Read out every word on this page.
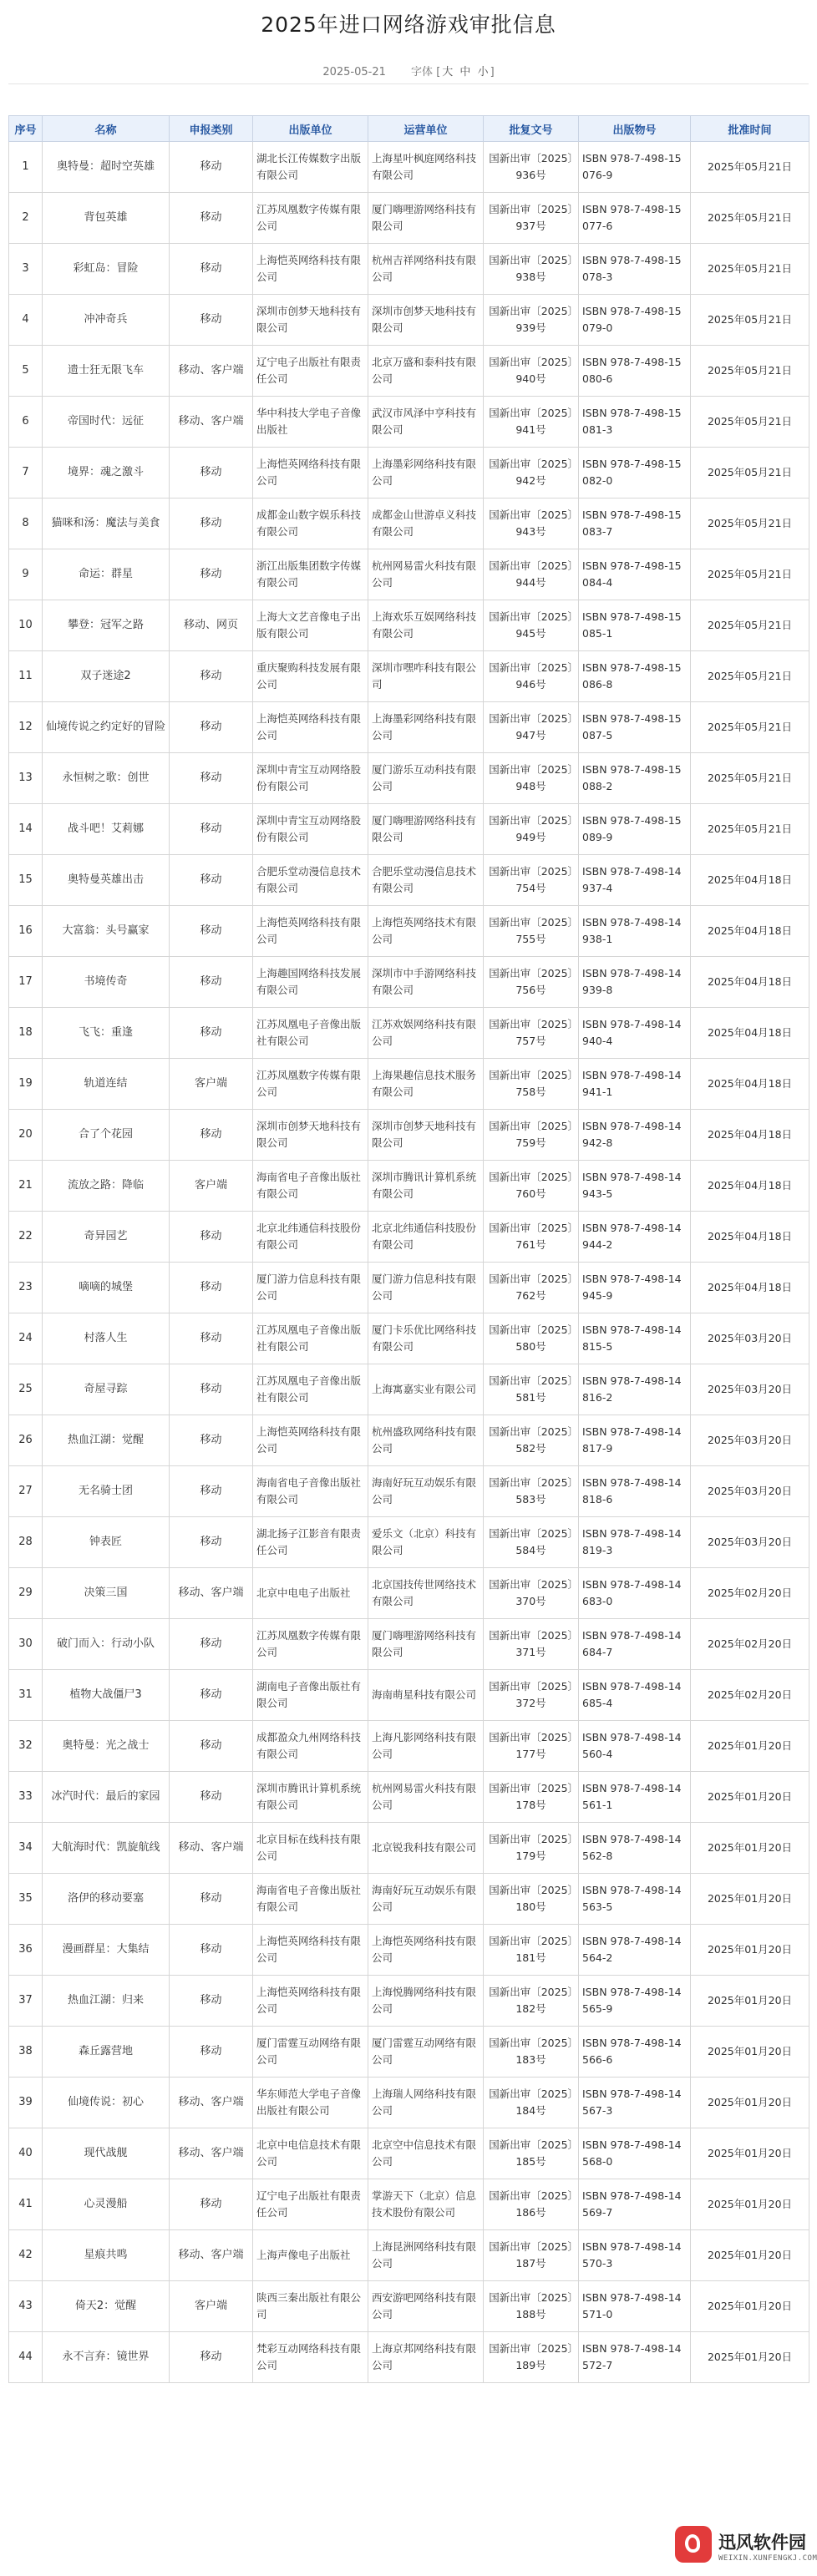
2025年进口网络游戏审批信息
2025-05-21 字体 [ 大 中 小 ]
序号	名称	申报类别	出版单位	运营单位	批复文号	出版物号	批准时间
1	奥特曼：超时空英雄	移动	湖北长江传媒数字出版有限公司	上海星叶枫庭网络科技有限公司	国新出审〔2025〕936号	ISBN 978-7-498-15076-9	2025年05月21日
2	背包英雄	移动	江苏凤凰数字传媒有限公司	厦门嗨哩游网络科技有限公司	国新出审〔2025〕937号	ISBN 978-7-498-15077-6	2025年05月21日
3	彩虹岛：冒险	移动	上海恺英网络科技有限公司	杭州吉祥网络科技有限公司	国新出审〔2025〕938号	ISBN 978-7-498-15078-3	2025年05月21日
4	冲冲奇兵	移动	深圳市创梦天地科技有限公司	深圳市创梦天地科技有限公司	国新出审〔2025〕939号	ISBN 978-7-498-15079-0	2025年05月21日
5	遗士狂无限飞车	移动、客户端	辽宁电子出版社有限责任公司	北京万盛和泰科技有限公司	国新出审〔2025〕940号	ISBN 978-7-498-15080-6	2025年05月21日
6	帝国时代：远征	移动、客户端	华中科技大学电子音像出版社	武汉市风泽中亨科技有限公司	国新出审〔2025〕941号	ISBN 978-7-498-15081-3	2025年05月21日
7	境界：魂之激斗	移动	上海恺英网络科技有限公司	上海墨彩网络科技有限公司	国新出审〔2025〕942号	ISBN 978-7-498-15082-0	2025年05月21日
8	猫咪和汤：魔法与美食	移动	成都金山数字娱乐科技有限公司	成都金山世游卓义科技有限公司	国新出审〔2025〕943号	ISBN 978-7-498-15083-7	2025年05月21日
9	命运：群星	移动	浙江出版集团数字传媒有限公司	杭州网易雷火科技有限公司	国新出审〔2025〕944号	ISBN 978-7-498-15084-4	2025年05月21日
10	攀登：冠军之路	移动、网页	上海大文艺音像电子出版有限公司	上海欢乐互娱网络科技有限公司	国新出审〔2025〕945号	ISBN 978-7-498-15085-1	2025年05月21日
11	双子迷途2	移动	重庆聚购科技发展有限公司	深圳市嘿咋科技有限公司	国新出审〔2025〕946号	ISBN 978-7-498-15086-8	2025年05月21日
12	仙境传说之约定好的冒险	移动	上海恺英网络科技有限公司	上海墨彩网络科技有限公司	国新出审〔2025〕947号	ISBN 978-7-498-15087-5	2025年05月21日
13	永恒树之歌：创世	移动	深圳中青宝互动网络股份有限公司	厦门游乐互动科技有限公司	国新出审〔2025〕948号	ISBN 978-7-498-15088-2	2025年05月21日
14	战斗吧！艾莉娜	移动	深圳中青宝互动网络股份有限公司	厦门嗨哩游网络科技有限公司	国新出审〔2025〕949号	ISBN 978-7-498-15089-9	2025年05月21日
15	奥特曼英雄出击	移动	合肥乐堂动漫信息技术有限公司	合肥乐堂动漫信息技术有限公司	国新出审〔2025〕754号	ISBN 978-7-498-14937-4	2025年04月18日
16	大富翁：头号赢家	移动	上海恺英网络科技有限公司	上海恺英网络技术有限公司	国新出审〔2025〕755号	ISBN 978-7-498-14938-1	2025年04月18日
17	书境传奇	移动	上海趣国网络科技发展有限公司	深圳市中手游网络科技有限公司	国新出审〔2025〕756号	ISBN 978-7-498-14939-8	2025年04月18日
18	飞飞：重逢	移动	江苏凤凰电子音像出版社有限公司	江苏欢娱网络科技有限公司	国新出审〔2025〕757号	ISBN 978-7-498-14940-4	2025年04月18日
19	轨道连结	客户端	江苏凤凰数字传媒有限公司	上海果趣信息技术服务有限公司	国新出审〔2025〕758号	ISBN 978-7-498-14941-1	2025年04月18日
20	合了个花园	移动	深圳市创梦天地科技有限公司	深圳市创梦天地科技有限公司	国新出审〔2025〕759号	ISBN 978-7-498-14942-8	2025年04月18日
21	流放之路：降临	客户端	海南省电子音像出版社有限公司	深圳市腾讯计算机系统有限公司	国新出审〔2025〕760号	ISBN 978-7-498-14943-5	2025年04月18日
22	奇异园艺	移动	北京北纬通信科技股份有限公司	北京北纬通信科技股份有限公司	国新出审〔2025〕761号	ISBN 978-7-498-14944-2	2025年04月18日
23	嘀嘀的城堡	移动	厦门游力信息科技有限公司	厦门游力信息科技有限公司	国新出审〔2025〕762号	ISBN 978-7-498-14945-9	2025年04月18日
24	村落人生	移动	江苏凤凰电子音像出版社有限公司	厦门卡乐优比网络科技有限公司	国新出审〔2025〕580号	ISBN 978-7-498-14815-5	2025年03月20日
25	奇屋寻踪	移动	江苏凤凰电子音像出版社有限公司	上海寓嘉实业有限公司	国新出审〔2025〕581号	ISBN 978-7-498-14816-2	2025年03月20日
26	热血江湖：觉醒	移动	上海恺英网络科技有限公司	杭州盛玖网络科技有限公司	国新出审〔2025〕582号	ISBN 978-7-498-14817-9	2025年03月20日
27	无名骑士团	移动	海南省电子音像出版社有限公司	海南好玩互动娱乐有限公司	国新出审〔2025〕583号	ISBN 978-7-498-14818-6	2025年03月20日
28	钟表匠	移动	湖北扬子江影音有限责任公司	爱乐文（北京）科技有限公司	国新出审〔2025〕584号	ISBN 978-7-498-14819-3	2025年03月20日
29	决策三国	移动、客户端	北京中电电子出版社	北京国技传世网络技术有限公司	国新出审〔2025〕370号	ISBN 978-7-498-14683-0	2025年02月20日
30	破门而入：行动小队	移动	江苏凤凰数字传媒有限公司	厦门嗨哩游网络科技有限公司	国新出审〔2025〕371号	ISBN 978-7-498-14684-7	2025年02月20日
31	植物大战僵尸3	移动	湖南电子音像出版社有限公司	海南萌星科技有限公司	国新出审〔2025〕372号	ISBN 978-7-498-14685-4	2025年02月20日
32	奥特曼：光之战士	移动	成都盈众九州网络科技有限公司	上海凡影网络科技有限公司	国新出审〔2025〕177号	ISBN 978-7-498-14560-4	2025年01月20日
33	冰汽时代：最后的家园	移动	深圳市腾讯计算机系统有限公司	杭州网易雷火科技有限公司	国新出审〔2025〕178号	ISBN 978-7-498-14561-1	2025年01月20日
34	大航海时代：凯旋航线	移动、客户端	北京目标在线科技有限公司	北京锐我科技有限公司	国新出审〔2025〕179号	ISBN 978-7-498-14562-8	2025年01月20日
35	洛伊的移动要塞	移动	海南省电子音像出版社有限公司	海南好玩互动娱乐有限公司	国新出审〔2025〕180号	ISBN 978-7-498-14563-5	2025年01月20日
36	漫画群星：大集结	移动	上海恺英网络科技有限公司	上海恺英网络科技有限公司	国新出审〔2025〕181号	ISBN 978-7-498-14564-2	2025年01月20日
37	热血江湖：归来	移动	上海恺英网络科技有限公司	上海悦腾网络科技有限公司	国新出审〔2025〕182号	ISBN 978-7-498-14565-9	2025年01月20日
38	森丘露营地	移动	厦门雷霆互动网络有限公司	厦门雷霆互动网络有限公司	国新出审〔2025〕183号	ISBN 978-7-498-14566-6	2025年01月20日
39	仙境传说：初心	移动、客户端	华东师范大学电子音像出版社有限公司	上海瑞人网络科技有限公司	国新出审〔2025〕184号	ISBN 978-7-498-14567-3	2025年01月20日
40	现代战舰	移动、客户端	北京中电信息技术有限公司	北京空中信息技术有限公司	国新出审〔2025〕185号	ISBN 978-7-498-14568-0	2025年01月20日
41	心灵漫船	移动	辽宁电子出版社有限责任公司	掌游天下（北京）信息技术股份有限公司	国新出审〔2025〕186号	ISBN 978-7-498-14569-7	2025年01月20日
42	星痕共鸣	移动、客户端	上海声像电子出版社	上海昆洲网络科技有限公司	国新出审〔2025〕187号	ISBN 978-7-498-14570-3	2025年01月20日
43	倚天2：觉醒	客户端	陕西三秦出版社有限公司	西安游吧网络科技有限公司	国新出审〔2025〕188号	ISBN 978-7-498-14571-0	2025年01月20日
44	永不言弃：镜世界	移动	梵彩互动网络科技有限公司	上海京邦网络科技有限公司	国新出审〔2025〕189号	ISBN 978-7-498-14572-7	2025年01月20日
迅风软件园
WEIXIN.XUNFENGKJ.COM
